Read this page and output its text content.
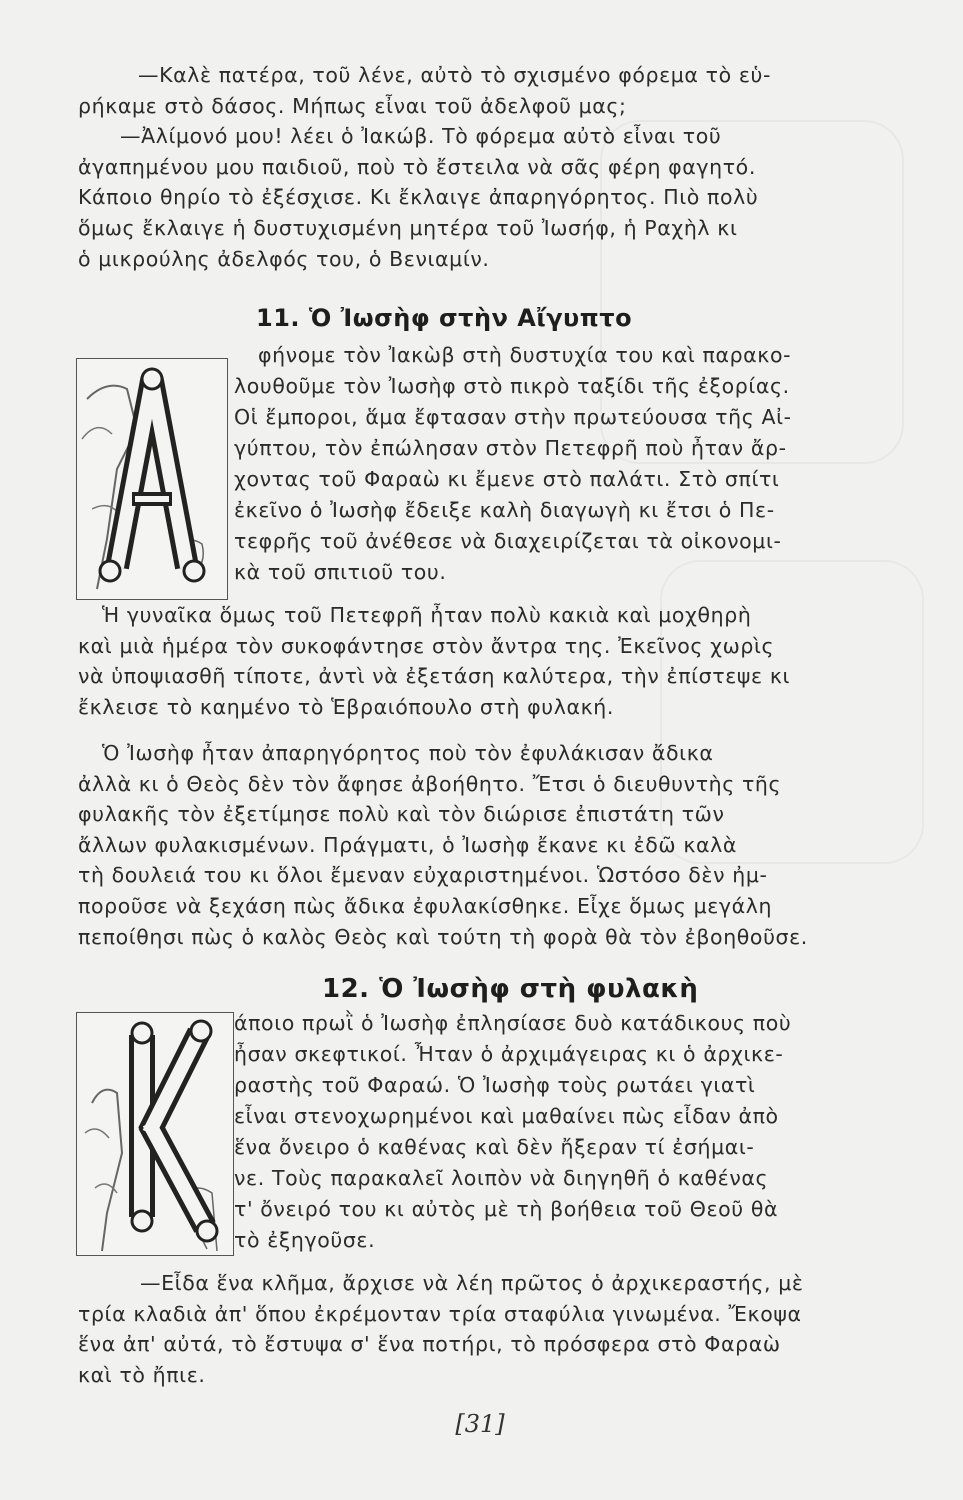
—Καλὲ πατέρα, τοῦ λένε, αὐτὸ τὸ σχισμένο φόρεμα τὸ εὑ-
ρήκαμε στὸ δάσος. Μήπως εἶναι τοῦ ἀδελφοῦ μας;
—Ἀλίμονό μου! λέει ὁ Ἰακώβ. Τὸ φόρεμα αὐτὸ εἶναι τοῦ
ἀγαπημένου μου παιδιοῦ, ποὺ τὸ ἔστειλα νὰ σᾶς φέρη φαγητό.
Κάποιο θηρίο τὸ ἐξέσχισε. Κι ἔκλαιγε ἀπαρηγόρητος. Πιὸ πολὺ
ὅμως ἔκλαιγε ἡ δυστυχισμένη μητέρα τοῦ Ἰωσήφ, ἡ Ραχὴλ κι
ὁ μικρούλης ἀδελφός του, ὁ Βενιαμίν.
11. Ὁ Ἰωσὴφ στὴν Αἴγυπτο
φήνομε τὸν Ἰακὼβ στὴ δυστυχία του καὶ παρακο-
λουθοῦμε τὸν Ἰωσὴφ στὸ πικρὸ ταξίδι τῆς ἐξορίας.
Οἱ ἔμποροι, ἅμα ἔφτασαν στὴν πρωτεύουσα τῆς Αἰ-
γύπτου, τὸν ἐπώλησαν στὸν Πετεφρῆ ποὺ ἦταν ἄρ-
χοντας τοῦ Φαραὼ κι ἔμενε στὸ παλάτι. Στὸ σπίτι
ἐκεῖνο ὁ Ἰωσὴφ ἔδειξε καλὴ διαγωγὴ κι ἔτσι ὁ Πε-
τεφρῆς τοῦ ἀνέθεσε νὰ διαχειρίζεται τὰ οἰκονομι-
κὰ τοῦ σπιτιοῦ του.
Ἡ γυναῖκα ὅμως τοῦ Πετεφρῆ ἦταν πολὺ κακιὰ καὶ μοχθηρὴ
καὶ μιὰ ἡμέρα τὸν συκοφάντησε στὸν ἄντρα της. Ἐκεῖνος χωρὶς
νὰ ὑποψιασθῆ τίποτε, ἀντὶ νὰ ἐξετάση καλύτερα, τὴν ἐπίστεψε κι
ἔκλεισε τὸ καημένο τὸ Ἑβραιόπουλο στὴ φυλακή.
Ὁ Ἰωσὴφ ἦταν ἀπαρηγόρητος ποὺ τὸν ἐφυλάκισαν ἄδικα
ἀλλὰ κι ὁ Θεὸς δὲν τὸν ἄφησε ἀβοήθητο. Ἔτσι ὁ διευθυντὴς τῆς
φυλακῆς τὸν ἐξετίμησε πολὺ καὶ τὸν διώρισε ἐπιστάτη τῶν
ἄλλων φυλακισμένων. Πράγματι, ὁ Ἰωσὴφ ἔκανε κι ἐδῶ καλὰ
τὴ δουλειά του κι ὅλοι ἔμεναν εὐχαριστημένοι. Ὡστόσο δὲν ἠμ-
ποροῦσε νὰ ξεχάση πὼς ἄδικα ἐφυλακίσθηκε. Εἶχε ὅμως μεγάλη
πεποίθησι πὼς ὁ καλὸς Θεὸς καὶ τούτη τὴ φορὰ θὰ τὸν ἐβοηθοῦσε.
12. Ὁ Ἰωσὴφ στὴ φυλακὴ
άποιο πρωῒ ὁ Ἰωσὴφ ἐπλησίασε δυὸ κατάδικους ποὺ
ἦσαν σκεφτικοί. Ἦταν ὁ ἀρχιμάγειρας κι ὁ ἀρχικε-
ραστὴς τοῦ Φαραώ. Ὁ Ἰωσὴφ τοὺς ρωτάει γιατὶ
εἶναι στενοχωρημένοι καὶ μαθαίνει πὼς εἶδαν ἀπὸ
ἕνα ὄνειρο ὁ καθένας καὶ δὲν ἤξεραν τί ἐσήμαι-
νε. Τοὺς παρακαλεῖ λοιπὸν νὰ διηγηθῆ ὁ καθένας
τ' ὄνειρό του κι αὐτὸς μὲ τὴ βοήθεια τοῦ Θεοῦ θὰ
τὸ ἐξηγοῦσε.
—Εἶδα ἕνα κλῆμα, ἄρχισε νὰ λέη πρῶτος ὁ ἀρχικεραστής, μὲ
τρία κλαδιὰ ἀπ' ὅπου ἐκρέμονταν τρία σταφύλια γινωμένα. Ἔκοψα
ἕνα ἀπ' αὐτά, τὸ ἔστυψα σ' ἕνα ποτήρι, τὸ πρόσφερα στὸ Φαραὼ
καὶ τὸ ἤπιε.
[31]
